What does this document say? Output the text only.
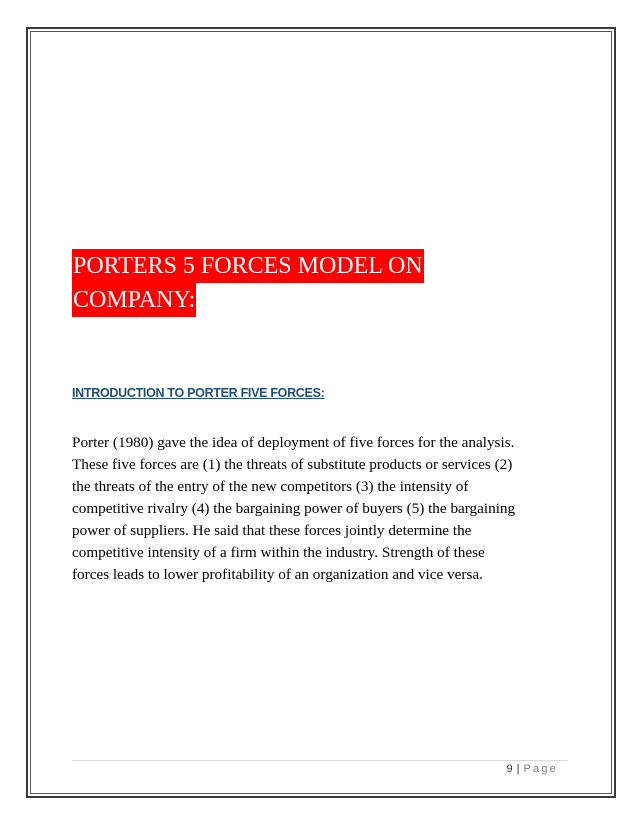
PORTERS 5 FORCES MODEL ON
COMPANY:
INTRODUCTION TO PORTER FIVE FORCES:
Porter (1980) gave the idea of deployment of five forces for the analysis.
These five forces are (1) the threats of substitute products or services (2)
the threats of the entry of the new competitors (3) the intensity of
competitive rivalry (4) the bargaining power of buyers (5) the bargaining
power of suppliers. He said that these forces jointly determine the
competitive intensity of a firm within the industry. Strength of these
forces leads to lower profitability of an organization and vice versa.
9 | Page
